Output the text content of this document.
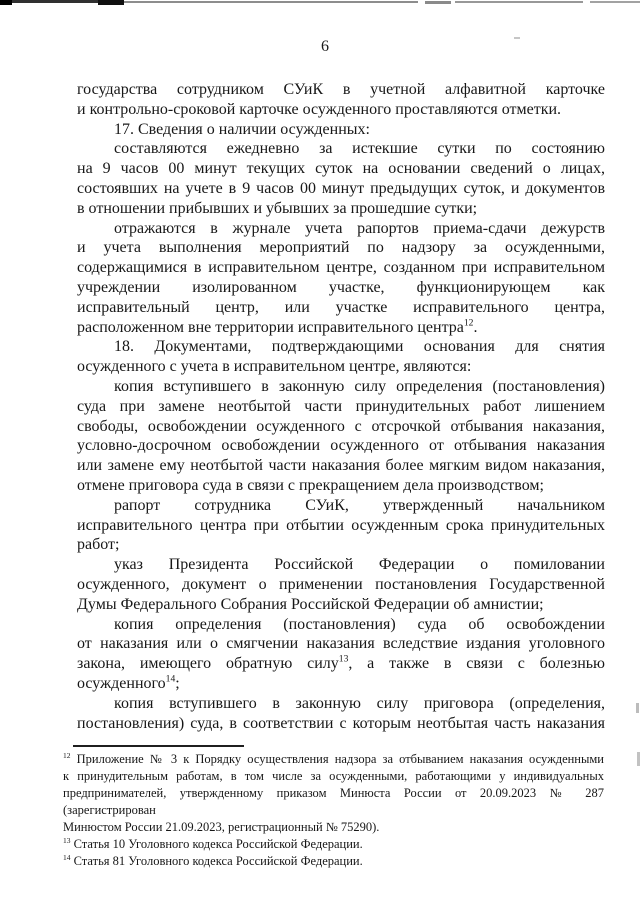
6
государства сотрудником СУиК в учетной алфавитной карточке
и контрольно-сроковой карточке осужденного проставляются отметки.
17. Сведения о наличии осужденных:
составляются ежедневно за истекшие сутки по состоянию
на 9 часов 00 минут текущих суток на основании сведений о лицах,
состоявших на учете в 9 часов 00 минут предыдущих суток, и документов
в отношении прибывших и убывших за прошедшие сутки;
отражаются в журнале учета рапортов приема-сдачи дежурств
и учета выполнения мероприятий по надзору за осужденными,
содержащимися в исправительном центре, созданном при исправительном
учреждении изолированном участке, функционирующем как
исправительный центр, или участке исправительного центра,
расположенном вне территории исправительного центра$^{12}$.
18. Документами, подтверждающими основания для снятия
осужденного с учета в исправительном центре, являются:
копия вступившего в законную силу определения (постановления)
суда при замене неотбытой части принудительных работ лишением
свободы, освобождении осужденного с отсрочкой отбывания наказания,
условно-досрочном освобождении осужденного от отбывания наказания
или замене ему неотбытой части наказания более мягким видом наказания,
отмене приговора суда в связи с прекращением дела производством;
рапорт сотрудника СУиК, утвержденный начальником
исправительного центра при отбытии осужденным срока принудительных
работ;
указ Президента Российской Федерации о помиловании
осужденного, документ о применении постановления Государственной
Думы Федерального Собрания Российской Федерации об амнистии;
копия определения (постановления) суда об освобождении
от наказания или о смягчении наказания вследствие издания уголовного
закона, имеющего обратную силу$^{13}$, а также в связи с болезнью
осужденного$^{14}$;
копия вступившего в законную силу приговора (определения,
постановления) суда, в соответствии с которым неотбытая часть наказания
$^{12}$ Приложение № 3 к Порядку осуществления надзора за отбыванием наказания осужденными
к принудительным работам, в том числе за осужденными, работающими у индивидуальных
предпринимателей, утвержденному приказом Минюста России от 20.09.2023 № 287 (зарегистрирован
Минюстом России 21.09.2023, регистрационный № 75290).
$^{13}$ Статья 10 Уголовного кодекса Российской Федерации.
$^{14}$ Статья 81 Уголовного кодекса Российской Федерации.
